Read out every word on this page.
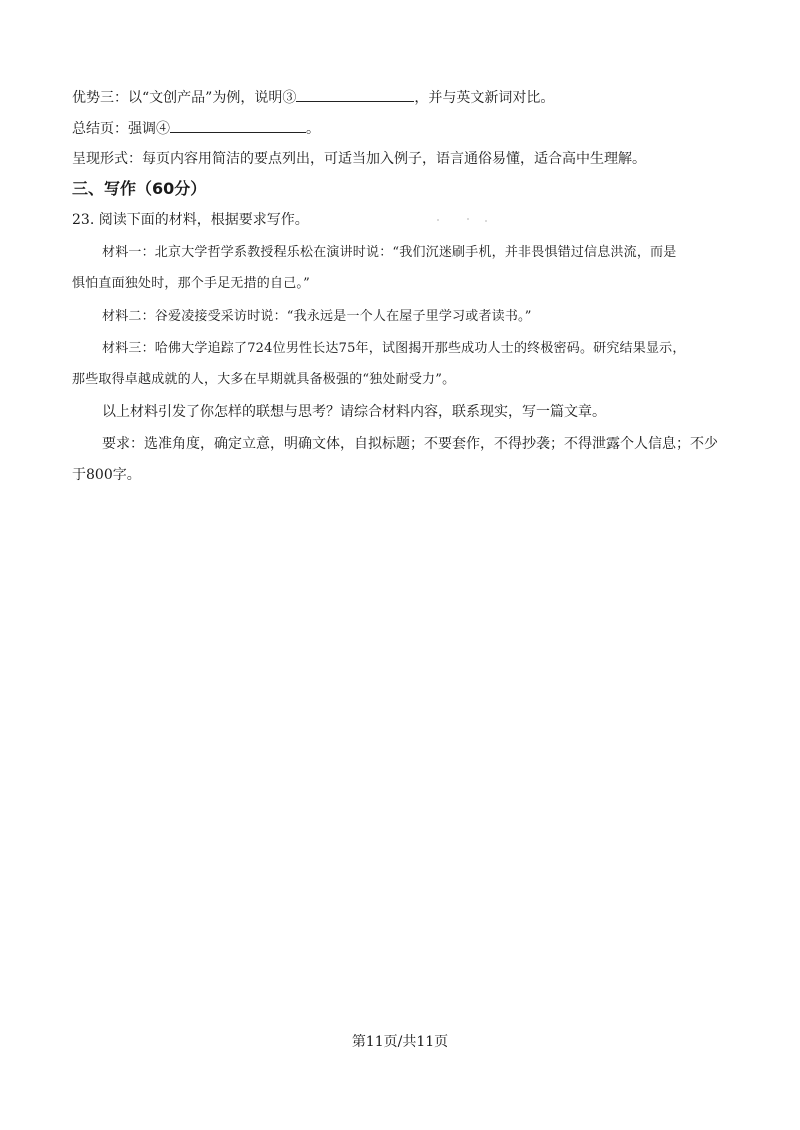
优势三：以“文创产品”为例，说明③	，并与英文新词对比。
总结页：强调④	。
呈现形式：每页内容用简洁的要点列出，可适当加入例子，语言通俗易懂，适合高中生理解。
三、写作（60分）
23. 阅读下面的材料，根据要求写作。
材料一：北京大学哲学系教授程乐松在演讲时说：“我们沉迷刷手机，并非畏惧错过信息洪流，而是
惧怕直面独处时，那个手足无措的自己。”
材料二：谷爱凌接受采访时说：“我永远是一个人在屋子里学习或者读书。”
材料三：哈佛大学追踪了724位男性长达75年，试图揭开那些成功人士的终极密码。研究结果显示，
那些取得卓越成就的人，大多在早期就具备极强的“独处耐受力”。
以上材料引发了你怎样的联想与思考？请综合材料内容，联系现实，写一篇文章。
要求：选准角度，确定立意，明确文体，自拟标题；不要套作，不得抄袭；不得泄露个人信息；不少
于800字。
第11页/共11页
